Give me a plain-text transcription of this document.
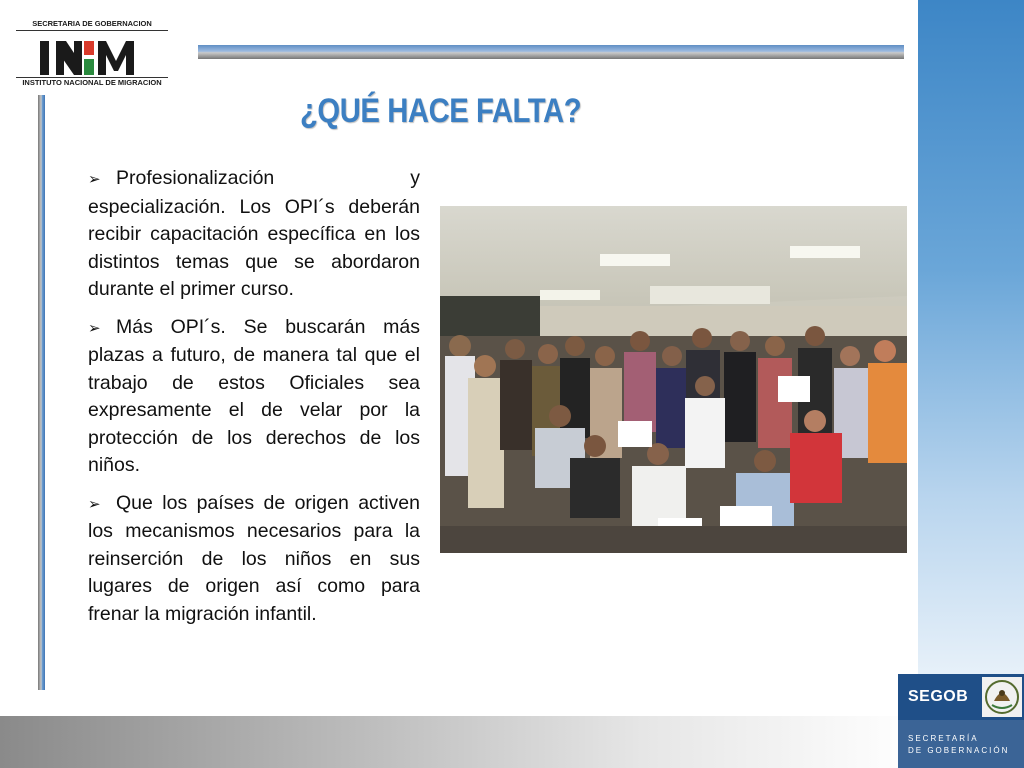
SECRETARIA DE GOBERNACION
INSTITUTO NACIONAL DE MIGRACION
¿QUÉ HACE FALTA?

➢ Profesionalización y especialización. Los OPI´s deberán recibir capacitación específica en los distintos temas que se abordaron durante el primer curso.

➢ Más OPI´s. Se buscarán más plazas a futuro, de manera tal que el trabajo de estos Oficiales sea expresamente el de velar por la protección de los derechos de los niños.

➢ Que los países de origen activen los mecanismos necesarios para la reinserción de los niños en sus lugares de origen así como para frenar la migración infantil.

SEGOB
SECRETARÍA
DE GOBERNACIÓN
